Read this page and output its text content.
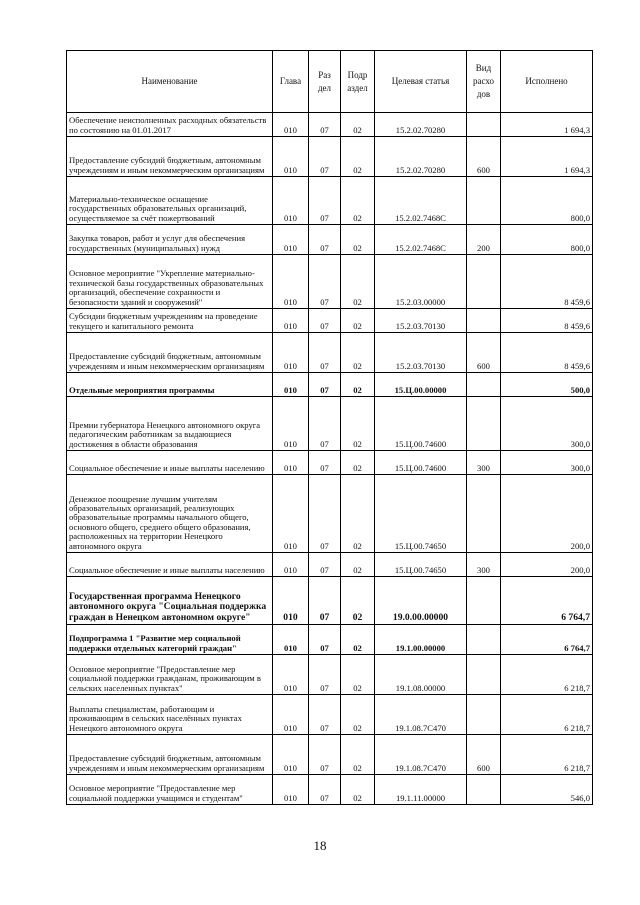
Наименование	Глава	Раз дел	Подр аздел	Целевая статья	Вид расхо дов	Исполнено
Обеспечение неисполненных расходных обязательств по состоянию на 01.01.2017	010	07	02	15.2.02.70280		1 694,3
Предоставление субсидий бюджетным, автономным учреждениям и иным некоммерческим организациям	010	07	02	15.2.02.70280	600	1 694,3
Материально-техническое оснащение государственных образовательных организаций, осуществляемое за счёт пожертвований	010	07	02	15.2.02.7468С		800,0
Закупка товаров, работ и услуг для обеспечения государственных (муниципальных) нужд	010	07	02	15.2.02.7468С	200	800,0
Основное мероприятие "Укрепление материально-технической базы государственных образовательных организаций, обеспечение сохранности и безопасности зданий и сооружений"	010	07	02	15.2.03.00000		8 459,6
Субсидии бюджетным учреждениям на проведение текущего и капитального ремонта	010	07	02	15.2.03.70130		8 459,6
Предоставление субсидий бюджетным, автономным учреждениям и иным некоммерческим организациям	010	07	02	15.2.03.70130	600	8 459,6
Отдельные мероприятия программы	010	07	02	15.Ц.00.00000		500,0
Премии губернатора Ненецкого автономного округа педагогическим работникам за выдающиеся достижения в области образования	010	07	02	15.Ц.00.74600		300,0
Социальное обеспечение и иные выплаты населению	010	07	02	15.Ц.00.74600	300	300,0
Денежное поощрение лучшим учителям образовательных организаций, реализующих образовательные программы начального общего, основного общего, среднего общего образования, расположенных на территории Ненецкого автономного округа	010	07	02	15.Ц.00.74650		200,0
Социальное обеспечение и иные выплаты населению	010	07	02	15.Ц.00.74650	300	200,0
Государственная программа Ненецкого автономного округа "Социальная поддержка граждан в Ненецком автономном округе"	010	07	02	19.0.00.00000		6 764,7
Подпрограмма 1 "Развитие мер социальной поддержки отдельных категорий граждан"	010	07	02	19.1.00.00000		6 764,7
Основное мероприятие "Предоставление мер социальной поддержки гражданам, проживающим в сельских населенных пунктах"	010	07	02	19.1.08.00000		6 218,7
Выплаты специалистам, работающим и проживающим в сельских населённых пунктах Ненецкого автономного округа	010	07	02	19.1.08.7С470		6 218,7
Предоставление субсидий бюджетным, автономным учреждениям и иным некоммерческим организациям	010	07	02	19.1.08.7С470	600	6 218,7
Основное мероприятие "Предоставление мер социальной поддержки учащимся и студентам"	010	07	02	19.1.11.00000		546,0
18
